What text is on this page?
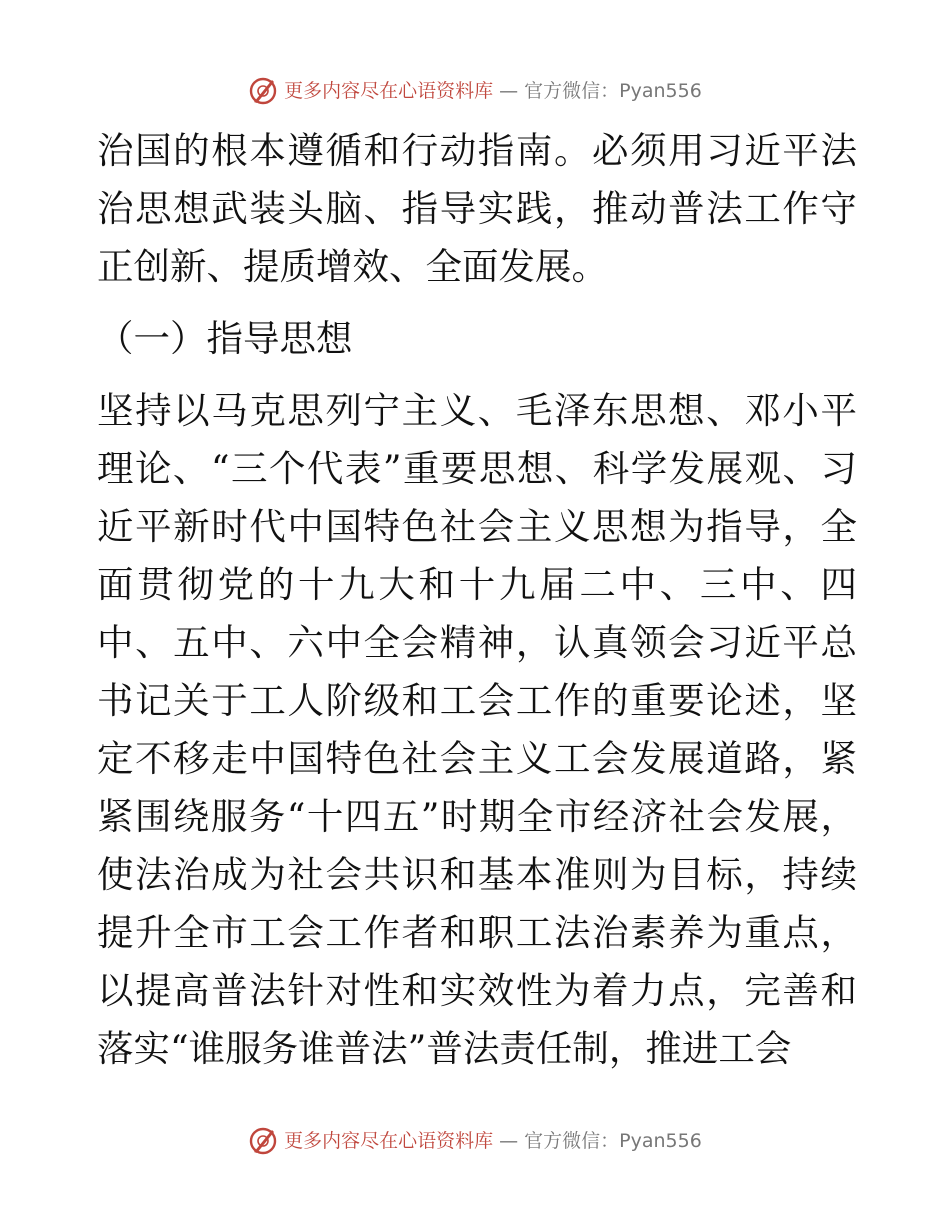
更多内容尽在心语资料库 — 官方微信：Pyan556

治国的根本遵循和行动指南。必须用习近平法治思想武装头脑、指导实践，推动普法工作守正创新、提质增效、全面发展。

（一）指导思想

坚持以马克思列宁主义、毛泽东思想、邓小平理论、“三个代表”重要思想、科学发展观、习近平新时代中国特色社会主义思想为指导，全面贯彻党的十九大和十九届二中、三中、四中、五中、六中全会精神，认真领会习近平总书记关于工人阶级和工会工作的重要论述，坚定不移走中国特色社会主义工会发展道路，紧紧围绕服务“十四五”时期全市经济社会发展，使法治成为社会共识和基本准则为目标，持续提升全市工会工作者和职工法治素养为重点，以提高普法针对性和实效性为着力点，完善和落实“谁服务谁普法”普法责任制，推进工会

更多内容尽在心语资料库 — 官方微信：Pyan556
